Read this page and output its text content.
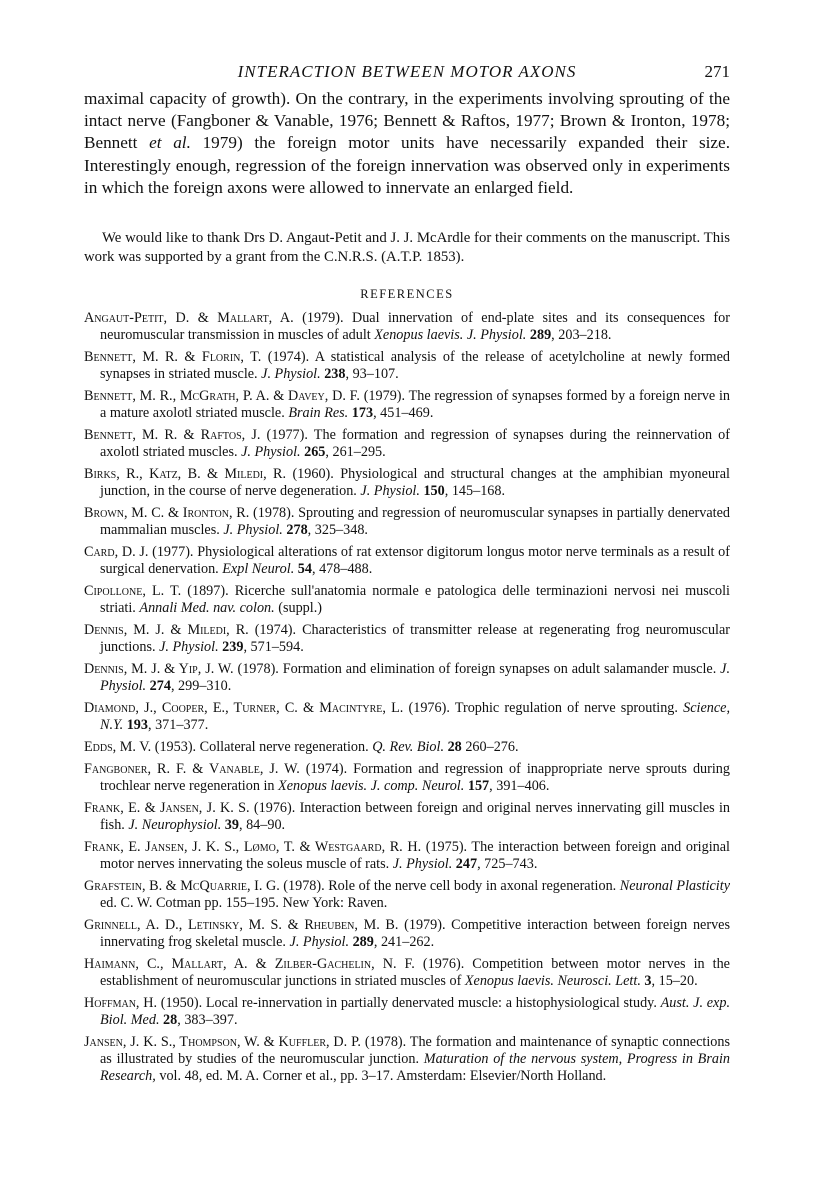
INTERACTION BETWEEN MOTOR AXONS	271

maximal capacity of growth). On the contrary, in the experiments involving sprouting of the intact nerve (Fangboner & Vanable, 1976; Bennett & Raftos, 1977; Brown & Ironton, 1978; Bennett et al. 1979) the foreign motor units have necessarily expanded their size. Interestingly enough, regression of the foreign innervation was observed only in experiments in which the foreign axons were allowed to innervate an enlarged field.

We would like to thank Drs D. Angaut-Petit and J. J. McArdle for their comments on the manuscript. This work was supported by a grant from the C.N.R.S. (A.T.P. 1853).

REFERENCES
Angaut-Petit, D. & Mallart, A. (1979). Dual innervation of end-plate sites and its consequences for neuromuscular transmission in muscles of adult Xenopus laevis. J. Physiol. 289, 203–218.
Bennett, M. R. & Florin, T. (1974). A statistical analysis of the release of acetylcholine at newly formed synapses in striated muscle. J. Physiol. 238, 93–107.
Bennett, M. R., McGrath, P. A. & Davey, D. F. (1979). The regression of synapses formed by a foreign nerve in a mature axolotl striated muscle. Brain Res. 173, 451–469.
Bennett, M. R. & Raftos, J. (1977). The formation and regression of synapses during the reinnervation of axolotl striated muscles. J. Physiol. 265, 261–295.
Birks, R., Katz, B. & Miledi, R. (1960). Physiological and structural changes at the amphibian myoneural junction, in the course of nerve degeneration. J. Physiol. 150, 145–168.
Brown, M. C. & Ironton, R. (1978). Sprouting and regression of neuromuscular synapses in partially denervated mammalian muscles. J. Physiol. 278, 325–348.
Card, D. J. (1977). Physiological alterations of rat extensor digitorum longus motor nerve terminals as a result of surgical denervation. Expl Neurol. 54, 478–488.
Cipollone, L. T. (1897). Ricerche sull'anatomia normale e patologica delle terminazioni nervosi nei muscoli striati. Annali Med. nav. colon. (suppl.)
Dennis, M. J. & Miledi, R. (1974). Characteristics of transmitter release at regenerating frog neuromuscular junctions. J. Physiol. 239, 571–594.
Dennis, M. J. & Yip, J. W. (1978). Formation and elimination of foreign synapses on adult salamander muscle. J. Physiol. 274, 299–310.
Diamond, J., Cooper, E., Turner, C. & Macintyre, L. (1976). Trophic regulation of nerve sprouting. Science, N.Y. 193, 371–377.
Edds, M. V. (1953). Collateral nerve regeneration. Q. Rev. Biol. 28 260–276.
Fangboner, R. F. & Vanable, J. W. (1974). Formation and regression of inappropriate nerve sprouts during trochlear nerve regeneration in Xenopus laevis. J. comp. Neurol. 157, 391–406.
Frank, E. & Jansen, J. K. S. (1976). Interaction between foreign and original nerves innervating gill muscles in fish. J. Neurophysiol. 39, 84–90.
Frank, E. Jansen, J. K. S., Lømo, T. & Westgaard, R. H. (1975). The interaction between foreign and original motor nerves innervating the soleus muscle of rats. J. Physiol. 247, 725–743.
Grafstein, B. & McQuarrie, I. G. (1978). Role of the nerve cell body in axonal regeneration. Neuronal Plasticity ed. C. W. Cotman pp. 155–195. New York: Raven.
Grinnell, A. D., Letinsky, M. S. & Rheuben, M. B. (1979). Competitive interaction between foreign nerves innervating frog skeletal muscle. J. Physiol. 289, 241–262.
Haimann, C., Mallart, A. & Zilber-Gachelin, N. F. (1976). Competition between motor nerves in the establishment of neuromuscular junctions in striated muscles of Xenopus laevis. Neurosci. Lett. 3, 15–20.
Hoffman, H. (1950). Local re-innervation in partially denervated muscle: a histophysiological study. Aust. J. exp. Biol. Med. 28, 383–397.
Jansen, J. K. S., Thompson, W. & Kuffler, D. P. (1978). The formation and maintenance of synaptic connections as illustrated by studies of the neuromuscular junction. Maturation of the nervous system, Progress in Brain Research, vol. 48, ed. M. A. Corner et al., pp. 3–17. Amsterdam: Elsevier/North Holland.
